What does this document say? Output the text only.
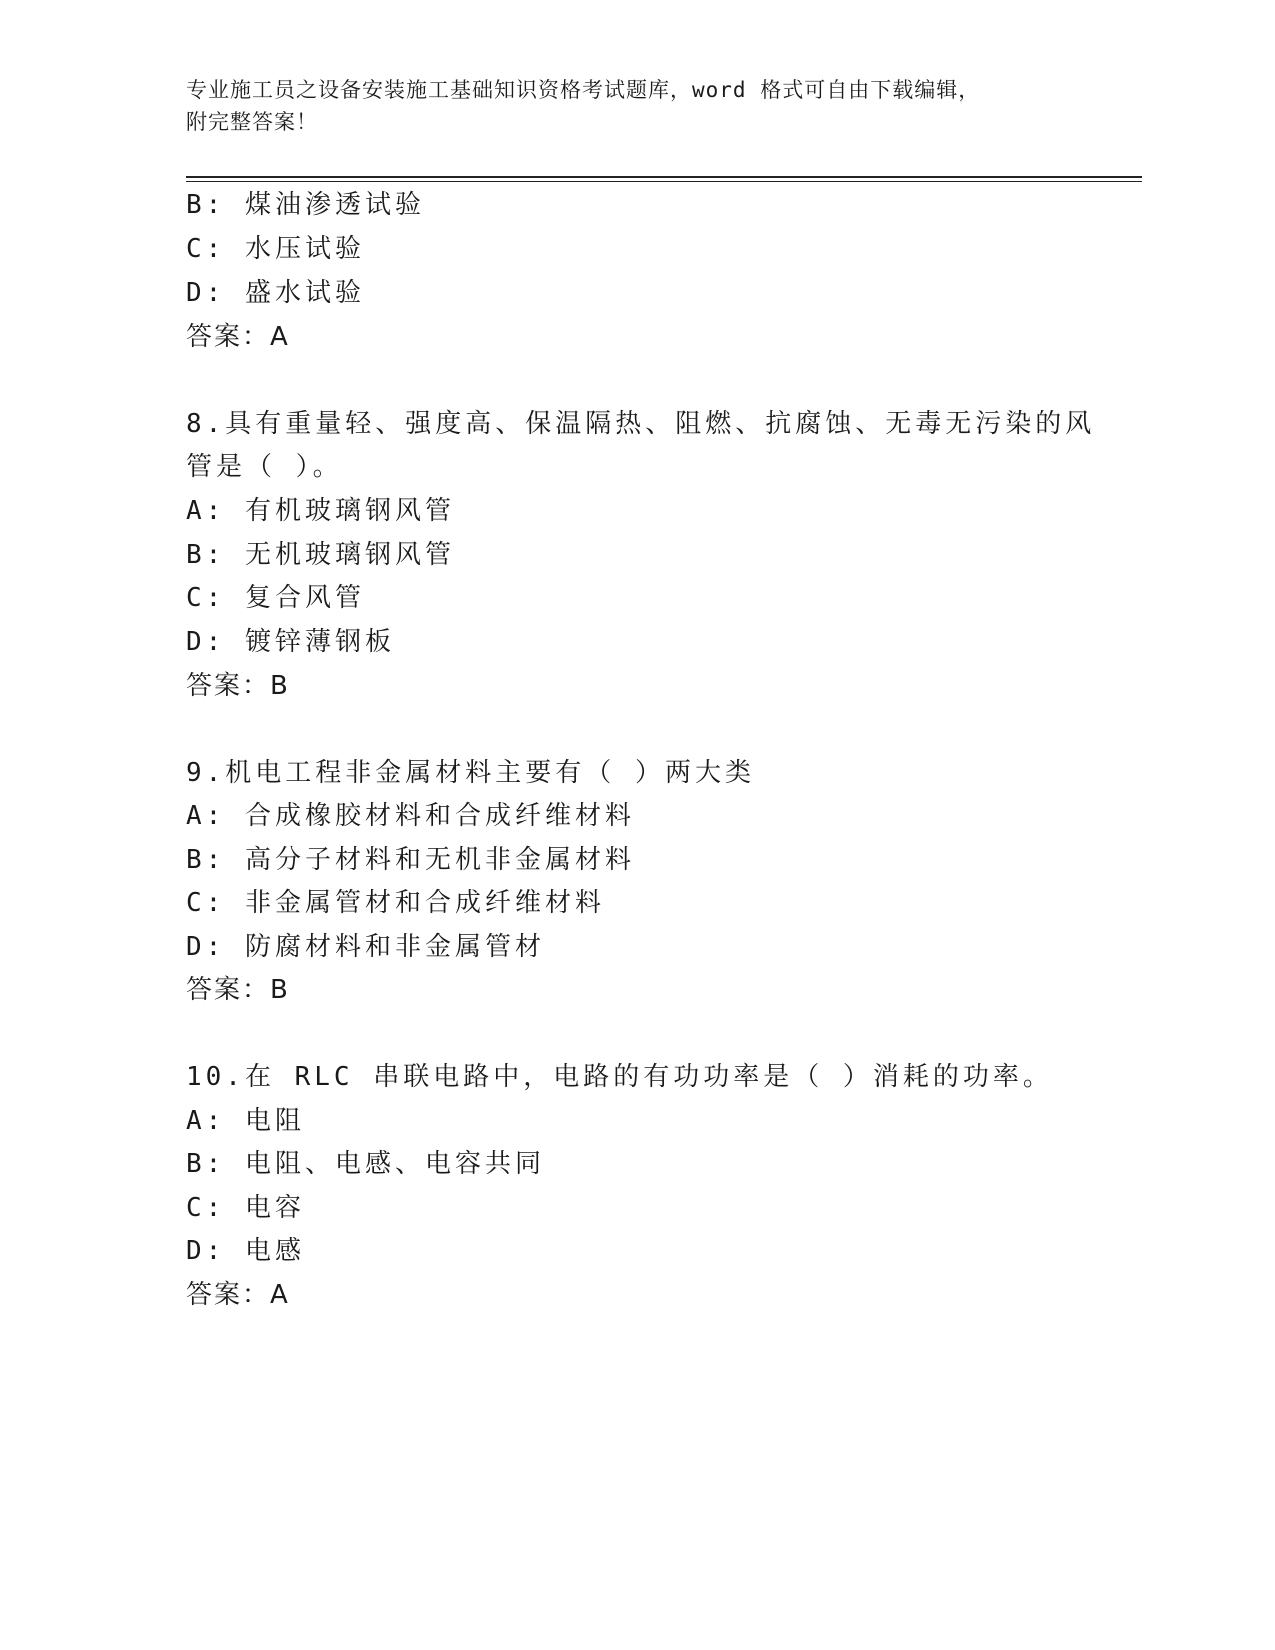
专业施工员之设备安装施工基础知识资格考试题库，word 格式可自由下载编辑，

附完整答案！

B: 煤油渗透试验
C: 水压试验
D: 盛水试验
答案：A
8.具有重量轻、强度高、保温隔热、阻燃、抗腐蚀、无毒无污染的风
管是（ ）。
A: 有机玻璃钢风管
B: 无机玻璃钢风管
C: 复合风管
D: 镀锌薄钢板
答案：B
9.机电工程非金属材料主要有（ ）两大类
A: 合成橡胶材料和合成纤维材料
B: 高分子材料和无机非金属材料
C: 非金属管材和合成纤维材料
D: 防腐材料和非金属管材
答案：B
10.在 RLC 串联电路中，电路的有功功率是（ ）消耗的功率。
A: 电阻
B: 电阻、电感、电容共同
C: 电容
D: 电感
答案：A
